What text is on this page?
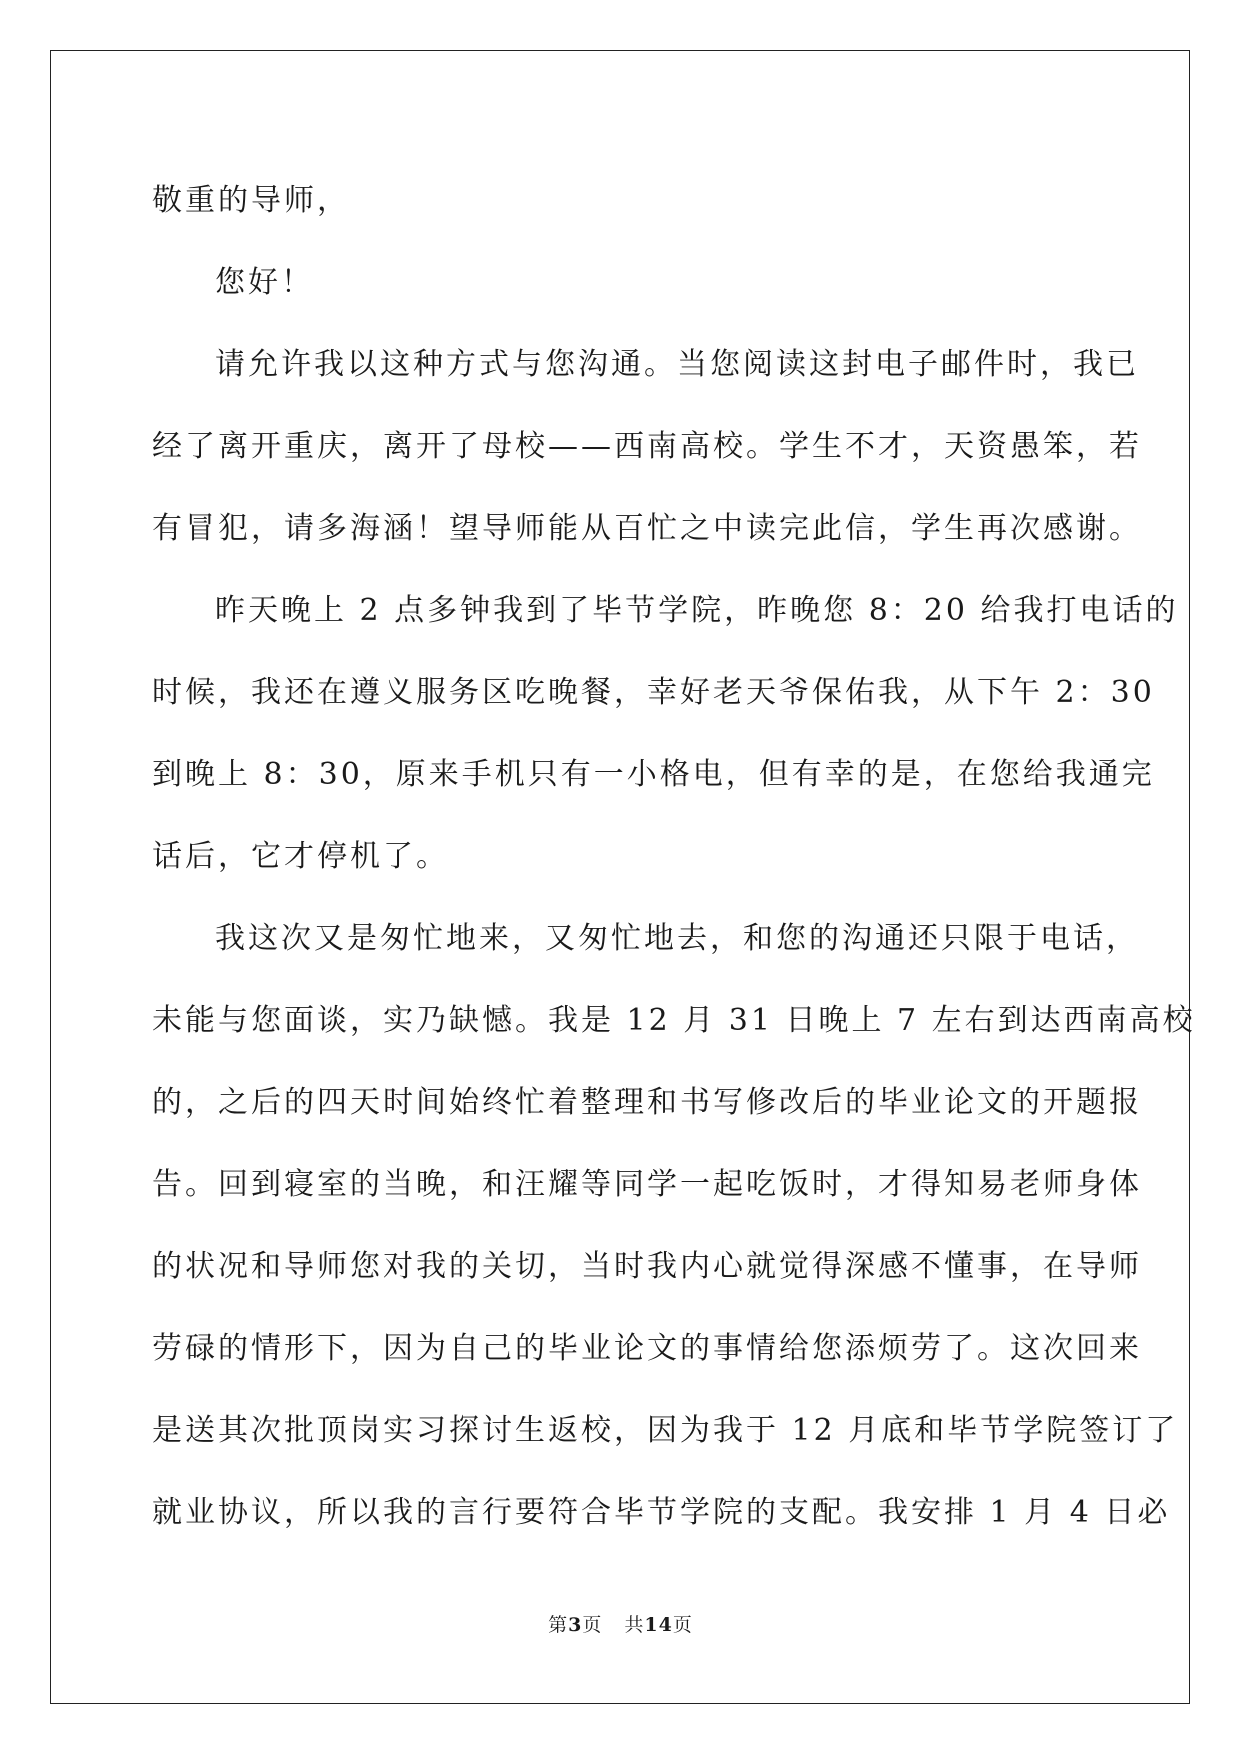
敬重的导师，
您好！
请允许我以这种方式与您沟通。当您阅读这封电子邮件时，我已
经了离开重庆，离开了母校——西南高校。学生不才，天资愚笨，若
有冒犯，请多海涵！望导师能从百忙之中读完此信，学生再次感谢。
昨天晚上 2 点多钟我到了毕节学院，昨晚您 8：20 给我打电话的
时候，我还在遵义服务区吃晚餐，幸好老天爷保佑我，从下午 2：30
到晚上 8：30，原来手机只有一小格电，但有幸的是，在您给我通完
话后，它才停机了。
我这次又是匆忙地来，又匆忙地去，和您的沟通还只限于电话，
未能与您面谈，实乃缺憾。我是 12 月 31 日晚上 7 左右到达西南高校
的，之后的四天时间始终忙着整理和书写修改后的毕业论文的开题报
告。回到寝室的当晚，和汪耀等同学一起吃饭时，才得知易老师身体
的状况和导师您对我的关切，当时我内心就觉得深感不懂事，在导师
劳碌的情形下，因为自己的毕业论文的事情给您添烦劳了。这次回来
是送其次批顶岗实习探讨生返校，因为我于 12 月底和毕节学院签订了
就业协议，所以我的言行要符合毕节学院的支配。我安排 1 月 4 日必
第3页 共14页
